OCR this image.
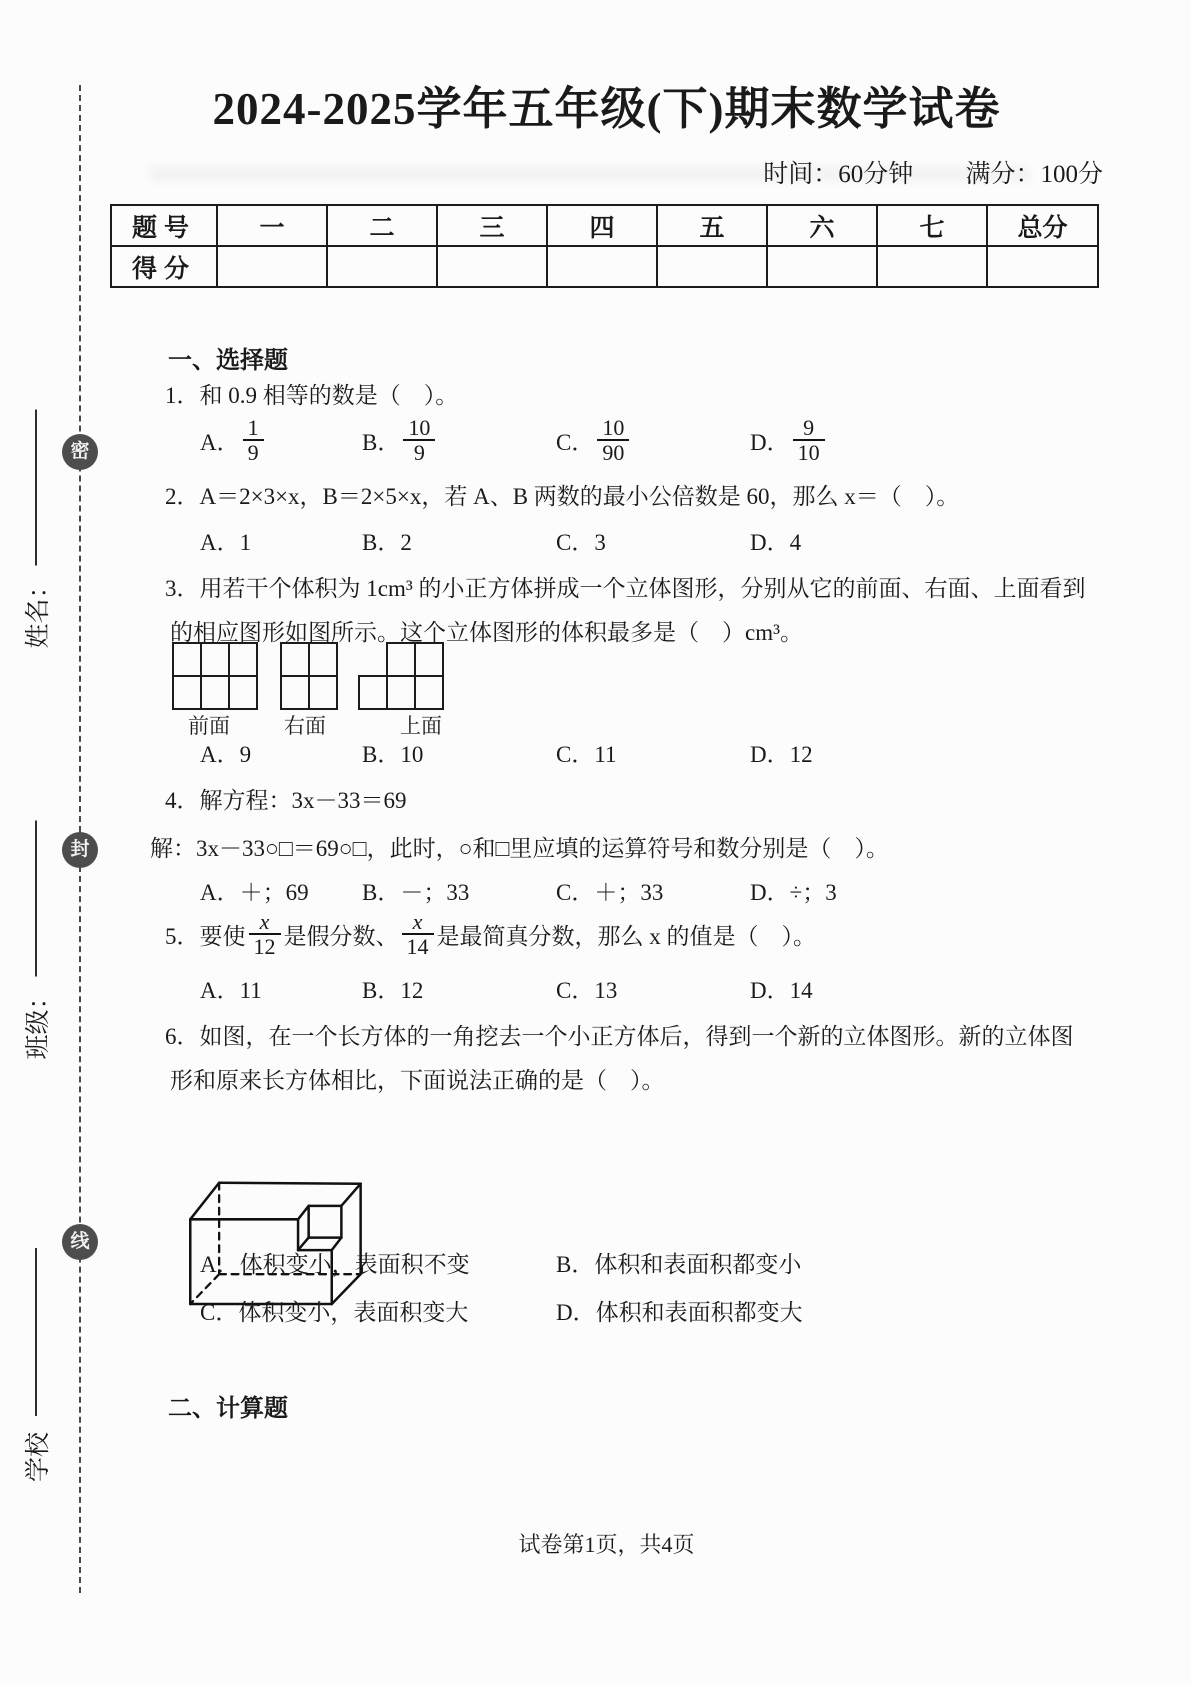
密
封
线
姓名：
班级：
学校
2024-2025学年五年级(下)期末数学试卷
时间：60分钟 满分：100分
题号	一	二	三	四	五	六	七	总分
得分								
一、选择题
1．和 0.9 相等的数是（　）。
A． $\frac{1}{9}$	B． $\frac{10}{9}$	C． $\frac{10}{90}$	D． $\frac{9}{10}$
2．A＝2×3×x，B＝2×5×x，若 A、B 两数的最小公倍数是 60，那么 x＝（　）。
A．1	B．2	C．3	D．4
3．用若干个体积为 1cm³ 的小正方体拼成一个立体图形，分别从它的前面、右面、上面看到
的相应图形如图所示。这个立体图形的体积最多是（　）cm³。
前面	右面	上面
A．9	B．10	C．11	D．12
4．解方程：3x－33＝69
解：3x－33○□＝69○□，此时，○和□里应填的运算符号和数分别是（　）。
A．＋；69	B．－；33	C．＋；33	D．÷；3
5．要使 $\frac{x}{12}$ 是假分数、 $\frac{x}{14}$ 是最简真分数，那么 x 的值是（　）。
A．11	B．12	C．13	D．14
6．如图，在一个长方体的一角挖去一个小正方体后，得到一个新的立体图形。新的立体图
形和原来长方体相比，下面说法正确的是（　）。
A．体积变小，表面积不变	B．体积和表面积都变小
C．体积变小，表面积变大	D．体积和表面积都变大
二、计算题
试卷第1页，共4页
